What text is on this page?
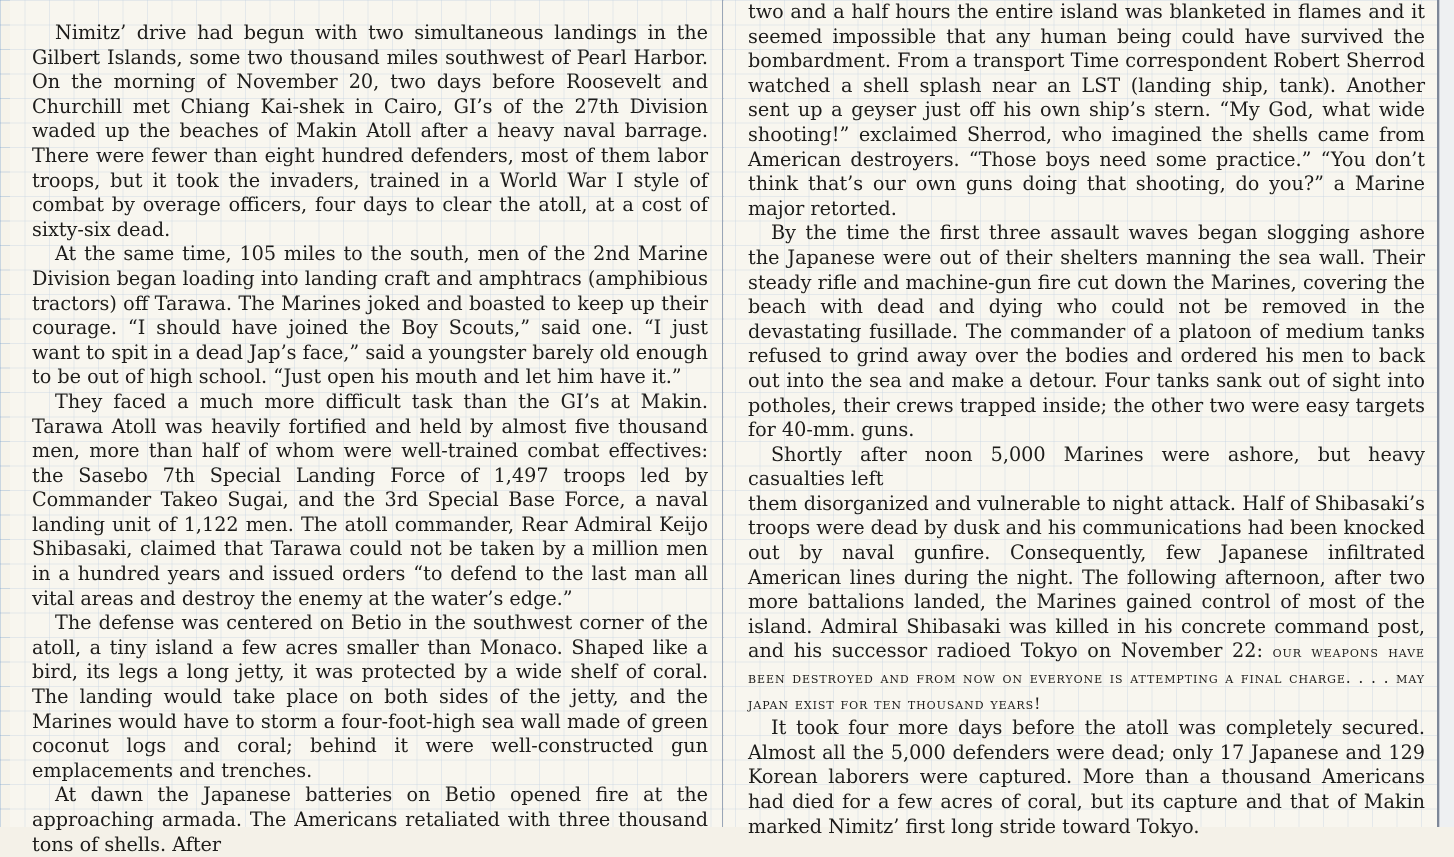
Nimitz’ drive had begun with two simultaneous landings in the Gilbert Islands, some two thousand miles southwest of Pearl Harbor. On the morning of November 20, two days before Roosevelt and Churchill met Chiang Kai-shek in Cairo, GI’s of the 27th Division waded up the beaches of Makin Atoll after a heavy naval barrage. There were fewer than eight hundred defenders, most of them labor troops, but it took the invaders, trained in a World War I style of combat by overage officers, four days to clear the atoll, at a cost of sixty-six dead.

At the same time, 105 miles to the south, men of the 2nd Marine Division began loading into landing craft and amphtracs (amphibious tractors) off Tarawa. The Marines joked and boasted to keep up their courage. “I should have joined the Boy Scouts,” said one. “I just want to spit in a dead Jap’s face,” said a youngster barely old enough to be out of high school. “Just open his mouth and let him have it.”

They faced a much more difficult task than the GI’s at Makin. Tarawa Atoll was heavily fortified and held by almost five thousand men, more than half of whom were well-trained combat effectives: the Sasebo 7th Special Landing Force of 1,497 troops led by Commander Takeo Sugai, and the 3rd Special Base Force, a naval landing unit of 1,122 men. The atoll commander, Rear Admiral Keijo Shibasaki, claimed that Tarawa could not be taken by a million men in a hundred years and issued orders “to defend to the last man all vital areas and destroy the enemy at the water’s edge.”

The defense was centered on Betio in the southwest corner of the atoll, a tiny island a few acres smaller than Monaco. Shaped like a bird, its legs a long jetty, it was protected by a wide shelf of coral. The landing would take place on both sides of the jetty, and the Marines would have to storm a four-foot-high sea wall made of green coconut logs and coral; behind it were well-constructed gun emplacements and trenches.

At dawn the Japanese batteries on Betio opened fire at the approaching armada. The Americans retaliated with three thousand tons of shells. After

two and a half hours the entire island was blanketed in flames and it seemed impossible that any human being could have survived the bombardment. From a transport Time correspondent Robert Sherrod watched a shell splash near an LST (landing ship, tank). Another sent up a geyser just off his own ship’s stern. “My God, what wide shooting!” exclaimed Sherrod, who imagined the shells came from American destroyers. “Those boys need some practice.” “You don’t think that’s our own guns doing that shooting, do you?” a Marine major retorted.

By the time the first three assault waves began slogging ashore the Japanese were out of their shelters manning the sea wall. Their steady rifle and machine-gun fire cut down the Marines, covering the beach with dead and dying who could not be removed in the devastating fusillade. The commander of a platoon of medium tanks refused to grind away over the bodies and ordered his men to back out into the sea and make a detour. Four tanks sank out of sight into potholes, their crews trapped inside; the other two were easy targets for 40-mm. guns.

Shortly after noon 5,000 Marines were ashore, but heavy casualties left

them disorganized and vulnerable to night attack. Half of Shibasaki’s troops were dead by dusk and his communications had been knocked out by naval gunfire. Consequently, few Japanese infiltrated American lines during the night. The following afternoon, after two more battalions landed, the Marines gained control of most of the island. Admiral Shibasaki was killed in his concrete command post, and his successor radioed Tokyo on November 22: our weapons have been destroyed and from now on everyone is attempting a final charge. . . . may japan exist for ten thousand years!

It took four more days before the atoll was completely secured. Almost all the 5,000 defenders were dead; only 17 Japanese and 129 Korean laborers were captured. More than a thousand Americans had died for a few acres of coral, but its capture and that of Makin marked Nimitz’ first long stride toward Tokyo.
